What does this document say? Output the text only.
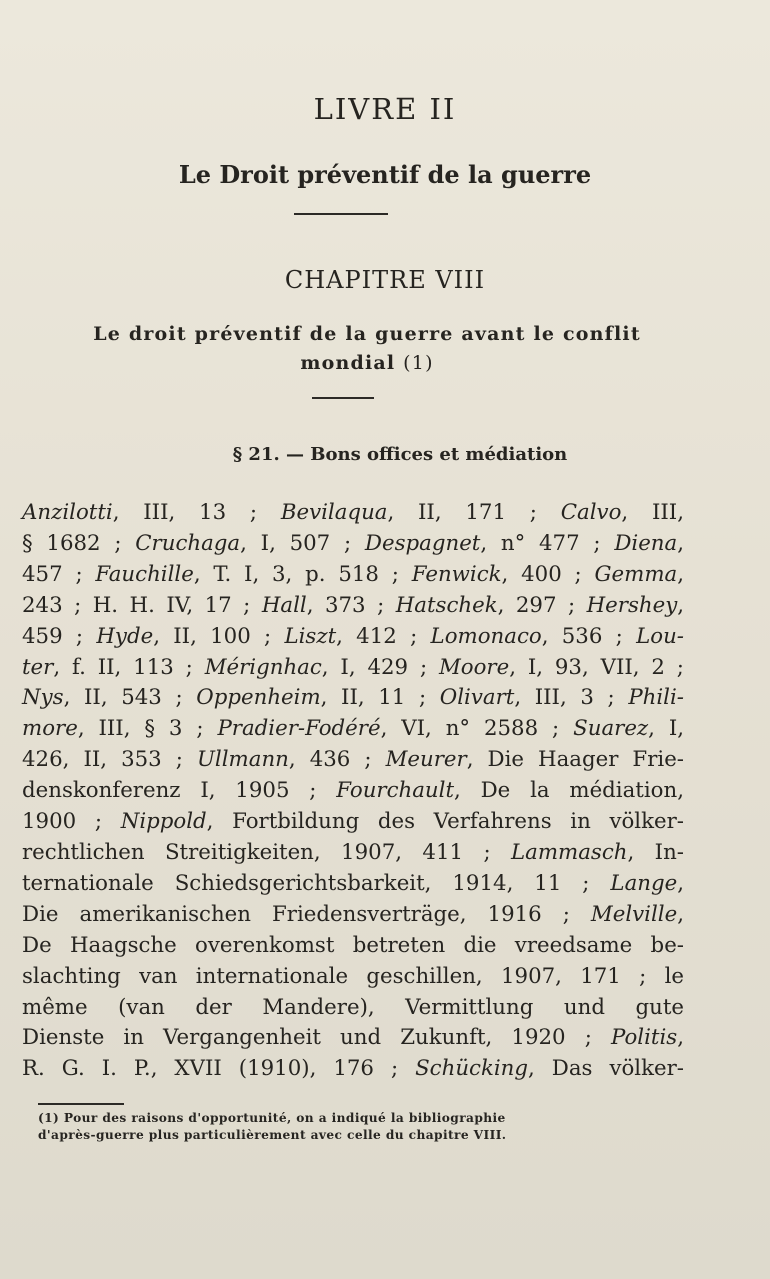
LIVRE II
Le Droit préventif de la guerre
CHAPITRE VIII
Le droit préventif de la guerre avant le conflit
mondial (1)
§ 21. — Bons offices et médiation
Anzilotti, III, 13 ; Bevilaqua, II, 171 ; Calvo, III,
§ 1682 ; Cruchaga, I, 507 ; Despagnet, n° 477 ; Diena,
457 ; Fauchille, T. I, 3, p. 518 ; Fenwick, 400 ; Gemma,
243 ; H. H. IV, 17 ; Hall, 373 ; Hatschek, 297 ; Hershey,
459 ; Hyde, II, 100 ; Liszt, 412 ; Lomonaco, 536 ; Lou-
ter, f. II, 113 ; Mérignhac, I, 429 ; Moore, I, 93, VII, 2 ;
Nys, II, 543 ; Oppenheim, II, 11 ; Olivart, III, 3 ; Phili-
more, III, § 3 ; Pradier-Fodéré, VI, n° 2588 ; Suarez, I,
426, II, 353 ; Ullmann, 436 ; Meurer, Die Haager Frie-
denskonferenz I, 1905 ; Fourchault, De la médiation,
1900 ; Nippold, Fortbildung des Verfahrens in völker-
rechtlichen Streitigkeiten, 1907, 411 ; Lammasch, In-
ternationale Schiedsgerichtsbarkeit, 1914, 11 ; Lange,
Die amerikanischen Friedensverträge, 1916 ; Melville,
De Haagsche overenkomst betreten die vreedsame be-
slachting van internationale geschillen, 1907, 171 ; le
même (van der Mandere), Vermittlung und gute
Dienste in Vergangenheit und Zukunft, 1920 ; Politis,
R. G. I. P., XVII (1910), 176 ; Schücking, Das völker-
(1) Pour des raisons d'opportunité, on a indiqué la bibliographie
d'après-guerre plus particulièrement avec celle du chapitre VIII.
